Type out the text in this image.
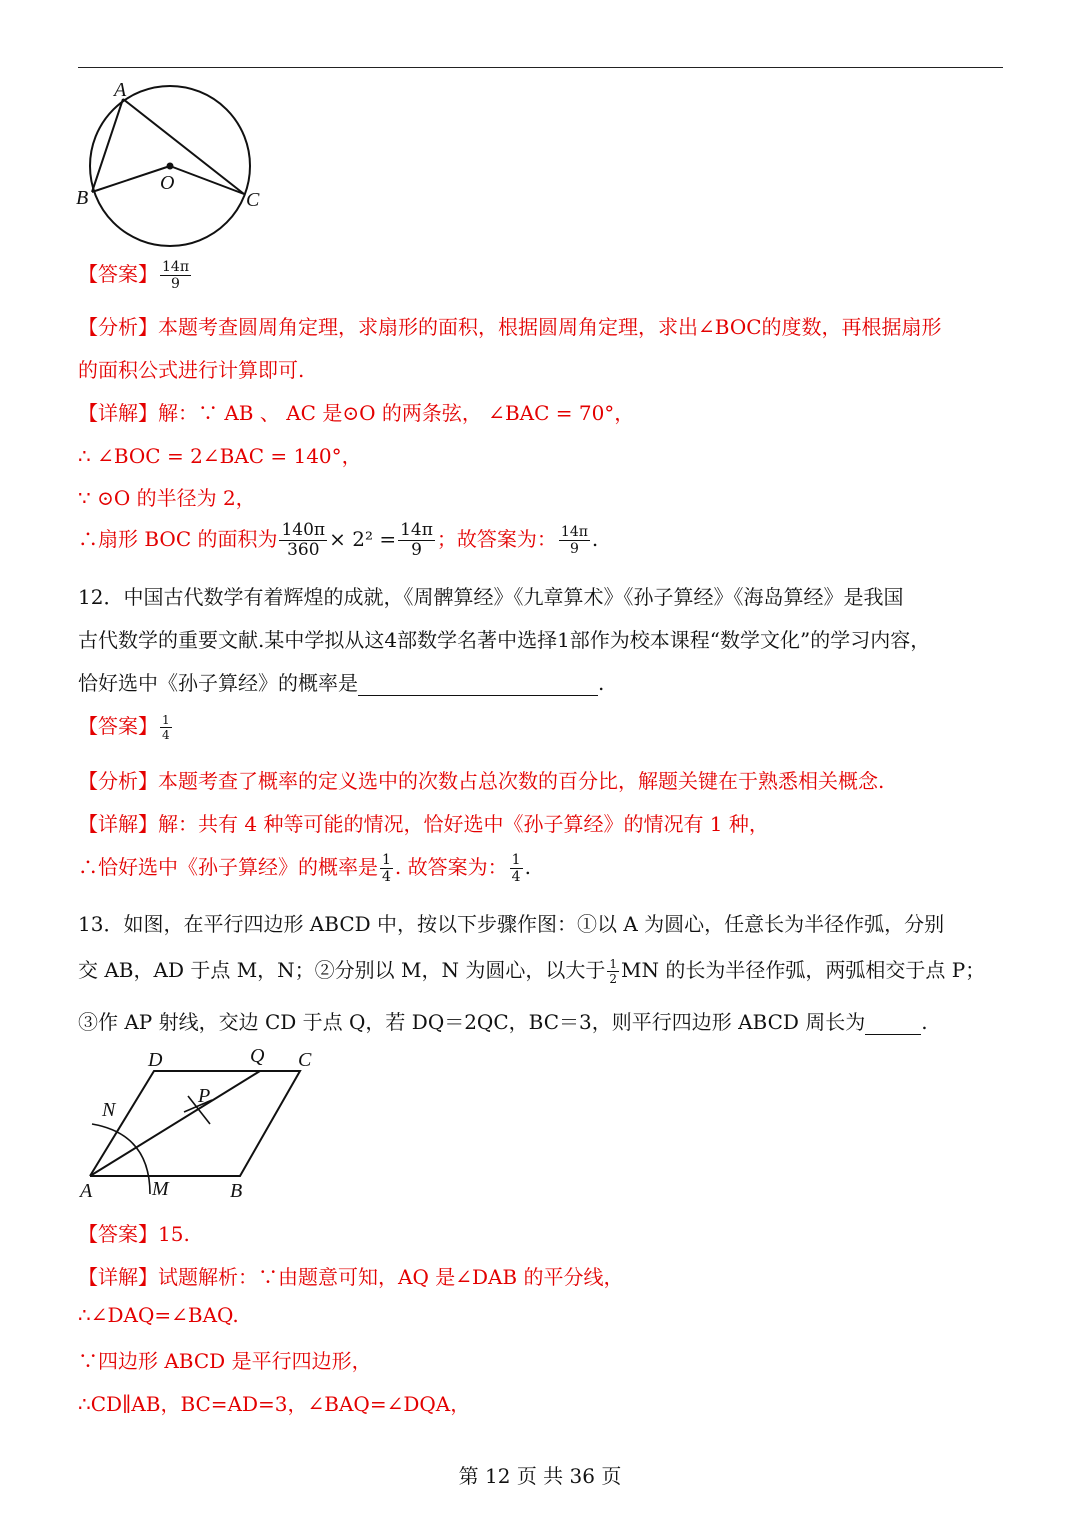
A
B	C
O
【答案】 $\frac{14\pi}{9}$
【分析】本题考查圆周角定理，求扇形的面积，根据圆周角定理，求出∠BOC的度数，再根据扇形
的面积公式进行计算即可.
【详解】解：∵ AB 、 AC 是⊙O 的两条弦， ∠BAC = 70°，
∴ ∠BOC = 2∠BAC = 140°，
∵ ⊙O 的半径为 2，
∴扇形 BOC 的面积为 $\frac{140\pi}{360} \times 2^2 = \frac{14\pi}{9}$ ；故答案为： $\frac{14\pi}{9}$ .
12．中国古代数学有着辉煌的成就，《周髀算经》《九章算术》《孙子算经》《海岛算经》是我国
古代数学的重要文献.某中学拟从这4部数学名著中选择1部作为校本课程“数学文化”的学习内容，
恰好选中《孙子算经》的概率是	.
【答案】 $\frac{1}{4}$
【分析】本题考查了概率的定义选中的次数占总次数的百分比，解题关键在于熟悉相关概念.
【详解】解：共有 4 种等可能的情况，恰好选中《孙子算经》的情况有 1 种，
∴恰好选中《孙子算经》的概率是 $\frac{1}{4}$ . 故答案为： $\frac{1}{4}$ .
13．如图，在平行四边形 ABCD 中，按以下步骤作图：①以 A 为圆心，任意长为半径作弧，分别
交 AB，AD 于点 M，N；②分别以 M，N 为圆心，以大于 $\frac{1}{2}$ MN 的长为半径作弧，两弧相交于点 P；
③作 AP 射线，交边 CD 于点 Q，若 DQ＝2QC，BC＝3，则平行四边形 ABCD 周长为	.
D	Q C
N
P
A	M	B
【答案】15.
【详解】试题解析：∵由题意可知，AQ 是∠DAB 的平分线，
∴∠DAQ=∠BAQ.
∵四边形 ABCD 是平行四边形，
∴CD∥AB，BC=AD=3，∠BAQ=∠DQA，
第 12 页 共 36 页
